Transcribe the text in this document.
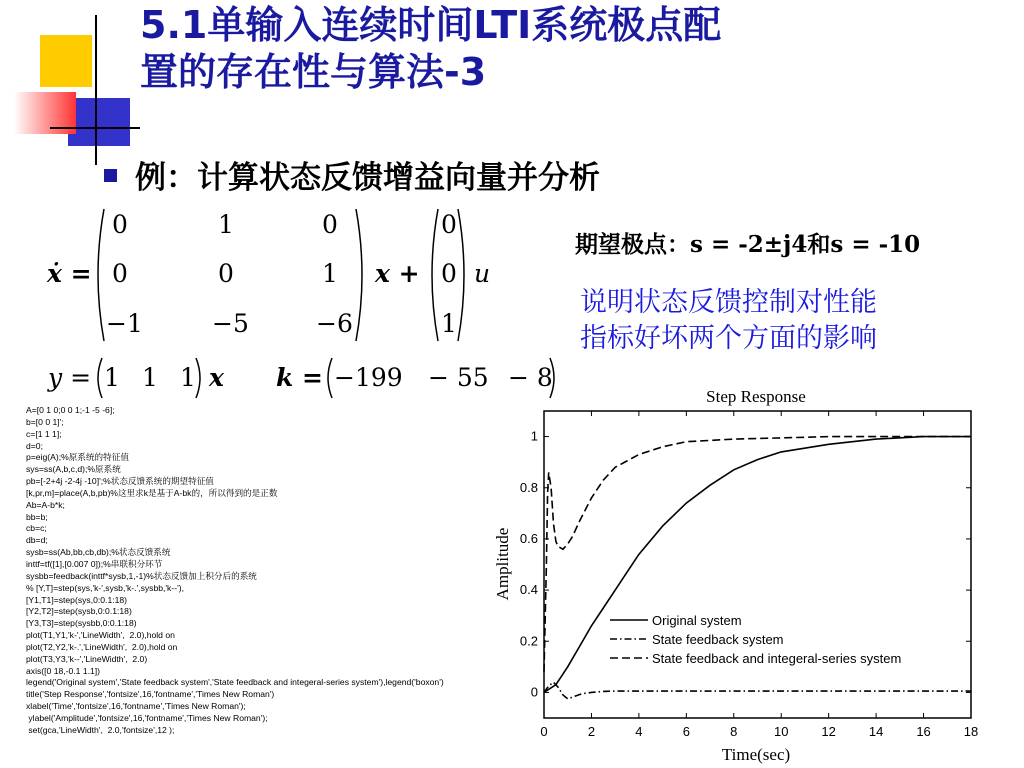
5.1单输入连续时间LTI系统极点配
置的存在性与算法-3
例：计算状态反馈增益向量并分析
ẋ =
0	1	0
0	0	1
−1	−5	−6
x +
0
0
1
u
y = 1 1 1 x k = −199 − 55 − 8
期望极点：s = -2±j4和s = -10
说明状态反馈控制对性能
指标好坏两个方面的影响
A=[0 1 0;0 0 1;-1 -5 -6];
b=[0 0 1]';
c=[1 1 1];
d=0;
p=eig(A);%原系统的特征值
sys=ss(A,b,c,d);%原系统
pb=[-2+4j -2-4j -10]';%状态反馈系统的期望特征值
[k,pr,m]=place(A,b,pb)%这里求k是基于A-bk的，所以得到的是正数
Ab=A-b*k;
bb=b;
cb=c;
db=d;
sysb=ss(Ab,bb,cb,db);%状态反馈系统
inttf=tf([1],[0.007 0]);%串联积分环节
sysbb=feedback(inttf*sysb,1,-1)%状态反馈加上积分后的系统
% [Y,T]=step(sys,'k-',sysb,'k-.',sysbb,'k--'),
[Y1,T1]=step(sys,0:0.1:18)
[Y2,T2]=step(sysb,0:0.1:18)
[Y3,T3]=step(sysbb,0:0.1:18)
plot(T1,Y1,'k-','LineWidth',  2.0),hold on
plot(T2,Y2,'k-.','LineWidth',  2.0),hold on
plot(T3,Y3,'k--','LineWidth',  2.0)
axis([0 18,-0.1 1.1])
legend('Original system','State feedback system','State feedback and integeral-series system'),legend('boxon')
title('Step Response','fontsize',16,'fontname','Times New Roman')
xlabel('Time','fontsize',16,'fontname','Times New Roman');
ylabel('Amplitude','fontsize',16,'fontname','Times New Roman');
set(gca,'LineWidth',  2.0,'fontsize',12 );
Step Response
0	2	4	6	8	10	12	14	16	18
0
0.2
0.4
0.6
0.8
1
Original system
State feedback system
State feedback and integeral-series system
Time(sec)
Amplitude
